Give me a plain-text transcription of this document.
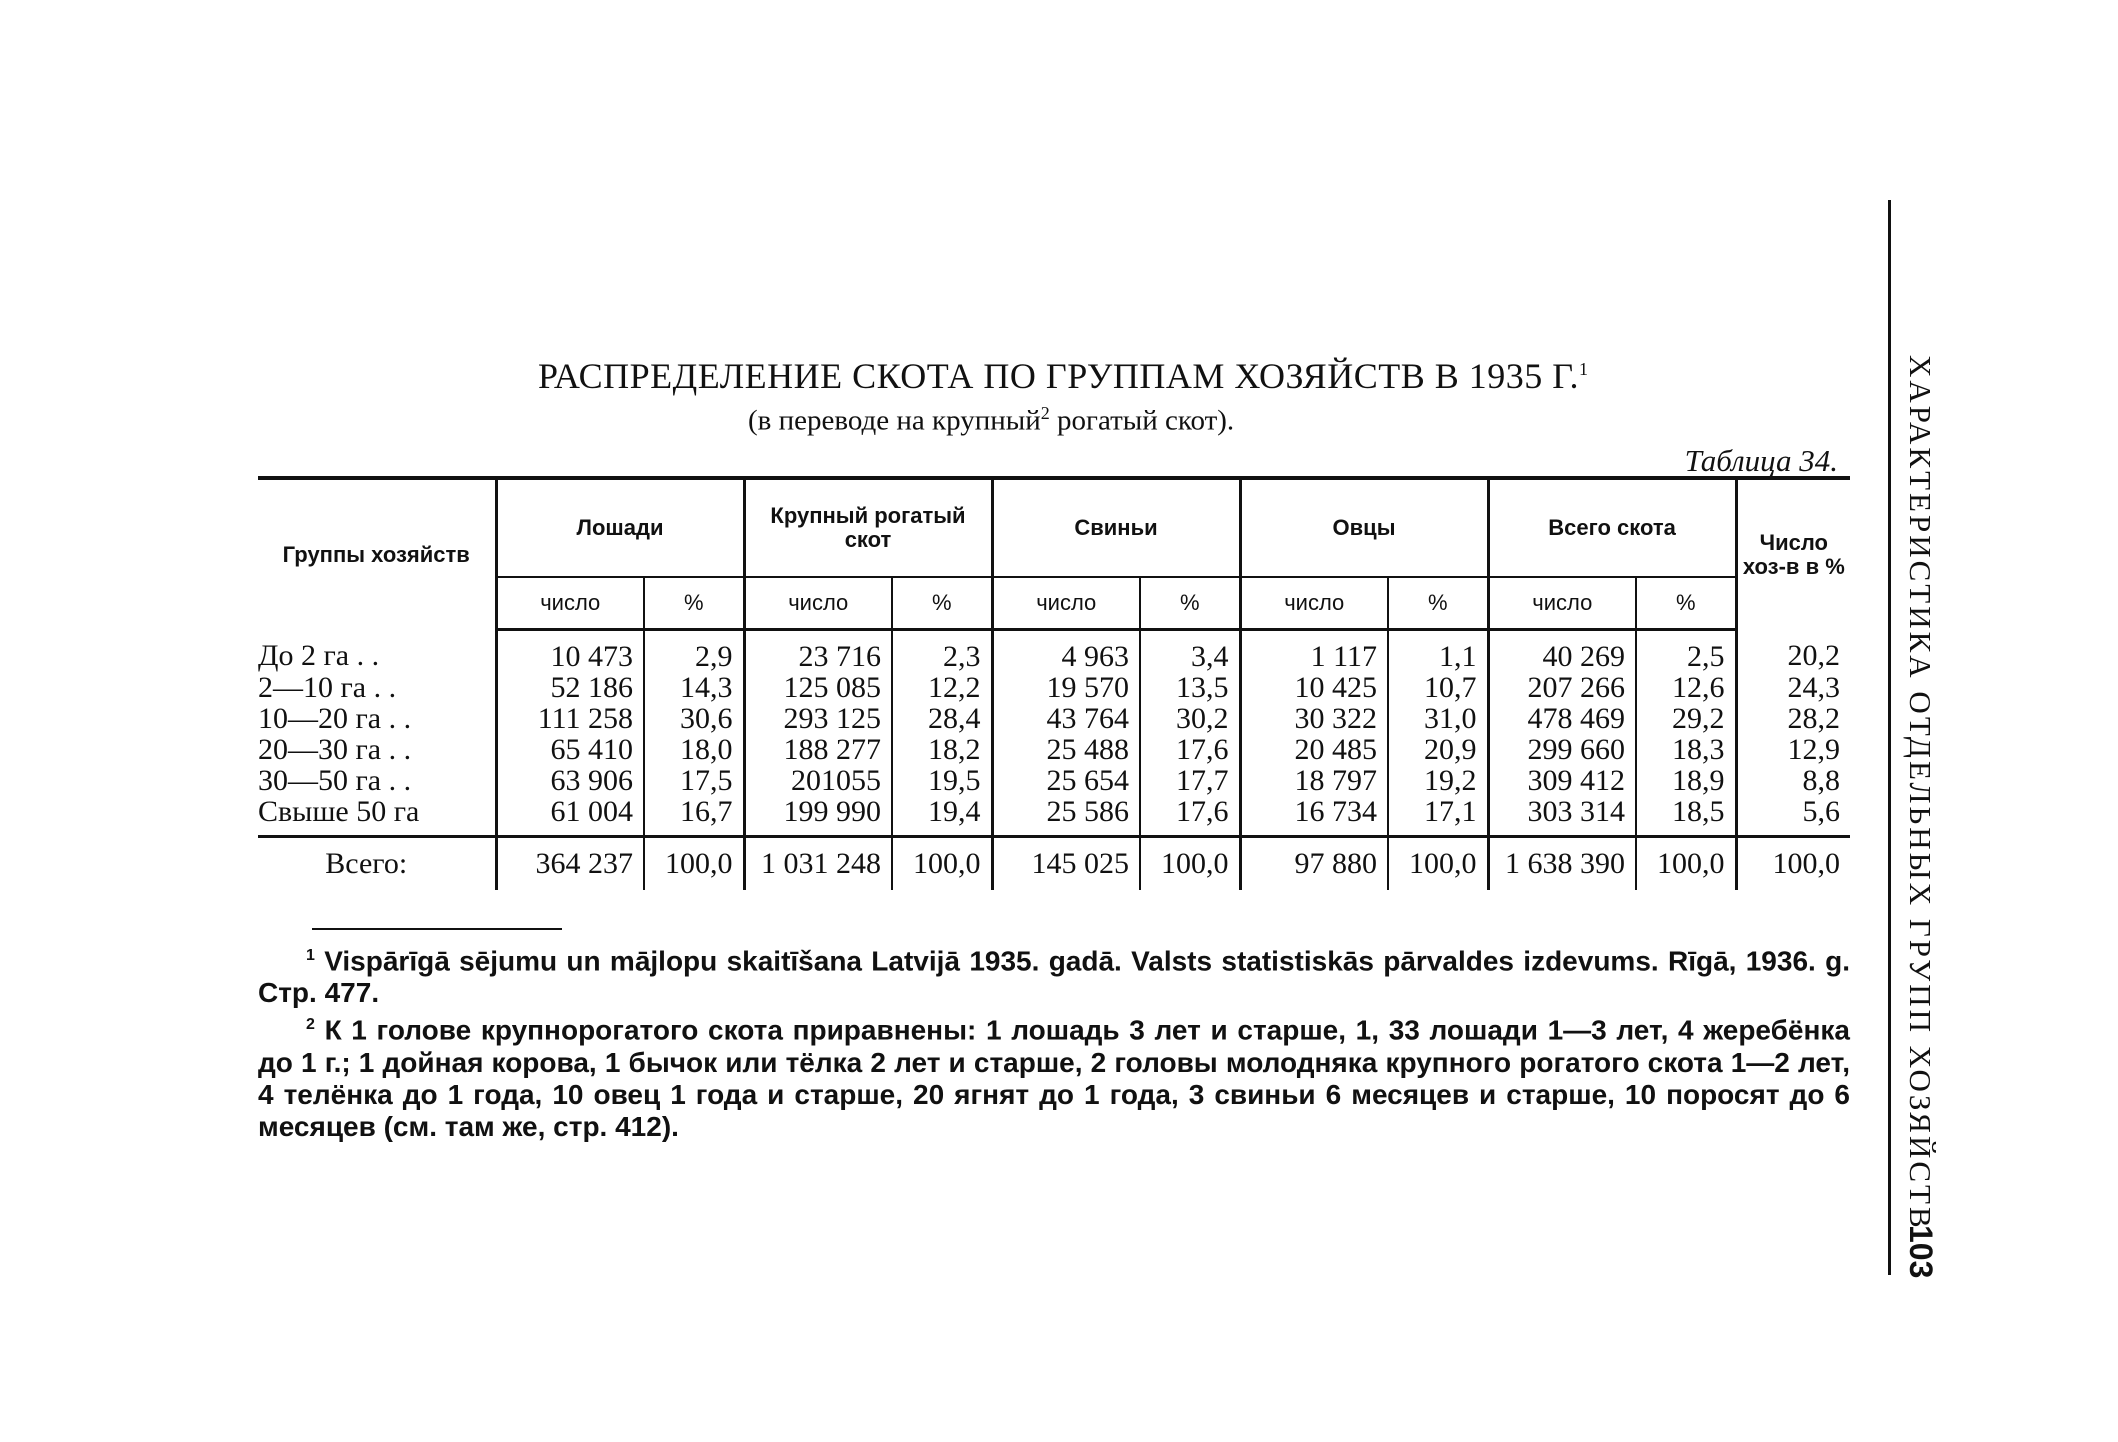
РАСПРЕДЕЛЕНИЕ СКОТА ПО ГРУППАМ ХОЗЯЙСТВ В 1935 Г.$^1$
(в переводе на крупный$^2$ рогатый скот).
Таблица 34.
Группы хозяйств	Лошади		Крупный рогатый скот		Свиньи		Овцы		Всего скота		Число хоз-в в %
	число	%	число	%	число	%	число	%	число	%	
До 2 га . .	10 473	2,9	23 716	2,3	4 963	3,4	1 117	1,1	40 269	2,5	20,2
2—10 га . .	52 186	14,3	125 085	12,2	19 570	13,5	10 425	10,7	207 266	12,6	24,3
10—20 га . .	111 258	30,6	293 125	28,4	43 764	30,2	30 322	31,0	478 469	29,2	28,2
20—30 га . .	65 410	18,0	188 277	18,2	25 488	17,6	20 485	20,9	299 660	18,3	12,9
30—50 га . .	63 906	17,5	201055	19,5	25 654	17,7	18 797	19,2	309 412	18,9	8,8
Свыше 50 га	61 004	16,7	199 990	19,4	25 586	17,6	16 734	17,1	303 314	18,5	5,6
Всего:	364 237	100,0	1 031 248	100,0	145 025	100,0	97 880	100,0	1 638 390	100,0	100,0

$^1$ Vispārīgā sējumu un mājlopu skaitīšana Latvijā 1935. gadā. Valsts statistiskās pārvaldes izdevums. Rīgā, 1936. g. Стр. 477.

$^2$ К 1 голове крупнорогатого скота приравнены: 1 лошадь 3 лет и старше, 1, 33 лошади 1—3 лет, 4 жеребёнка до 1 г.; 1 дойная корова, 1 бычок или тёлка 2 лет и старше, 2 головы молодняка крупного рогатого скота 1—2 лет, 4 телёнка до 1 года, 10 овец 1 года и старше, 20 ягнят до 1 года, 3 свиньи 6 месяцев и старше, 10 поросят до 6 месяцев (см. там же, стр. 412).	ХАРАКТЕРИСТИКА ОТДЕЛЬНЫХ ГРУПП ХОЗЯЙСТВ
103
